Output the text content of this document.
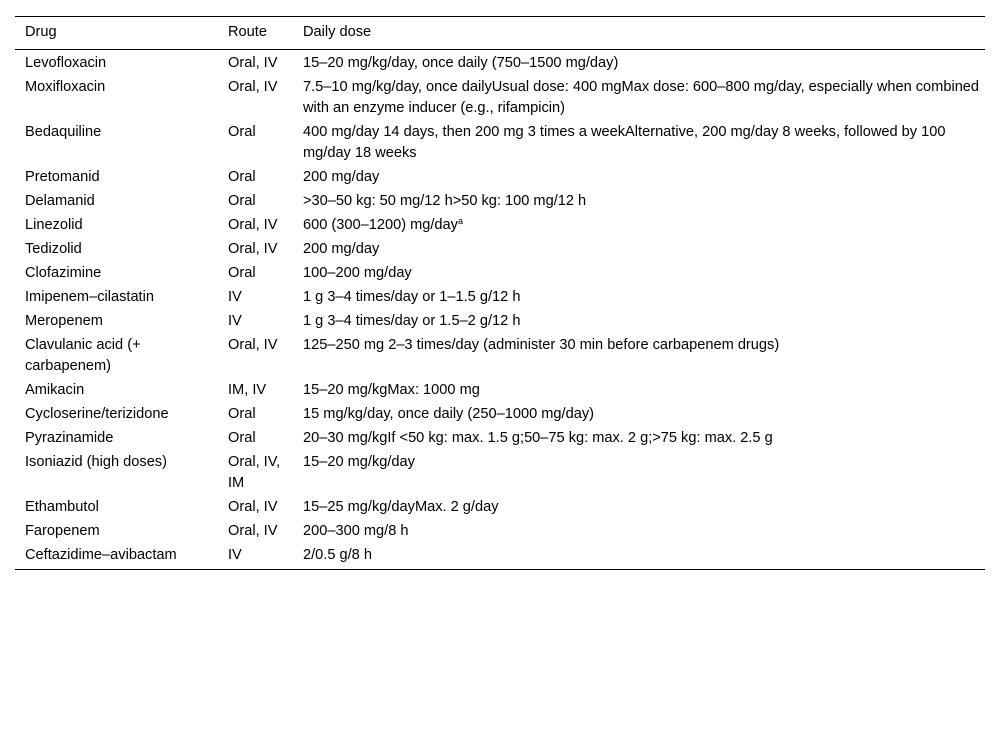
Drug	Route	Daily dose
Levofloxacin	Oral, IV	15–20 mg/kg/day, once daily (750–1500 mg/day)
Moxifloxacin	Oral, IV	7.5–10 mg/kg/day, once dailyUsual dose: 400 mgMax dose: 600–800 mg/day, especially when combined with an enzyme inducer (e.g., rifampicin)
Bedaquiline	Oral	400 mg/day 14 days, then 200 mg 3 times a weekAlternative, 200 mg/day 8 weeks, followed by 100 mg/day 18 weeks
Pretomanid	Oral	200 mg/day
Delamanid	Oral	>30–50 kg: 50 mg/12 h>50 kg: 100 mg/12 h
Linezolid	Oral, IV	600 (300–1200) mg/day$^a$
Tedizolid	Oral, IV	200 mg/day
Clofazimine	Oral	100–200 mg/day
Imipenem–cilastatin	IV	1 g 3–4 times/day or 1–1.5 g/12 h
Meropenem	IV	1 g 3–4 times/day or 1.5–2 g/12 h
Clavulanic acid (+ carbapenem)	Oral, IV	125–250 mg 2–3 times/day (administer 30 min before carbapenem drugs)
Amikacin	IM, IV	15–20 mg/kgMax: 1000 mg
Cycloserine/terizidone	Oral	15 mg/kg/day, once daily (250–1000 mg/day)
Pyrazinamide	Oral	20–30 mg/kgIf <50 kg: max. 1.5 g;50–75 kg: max. 2 g;>75 kg: max. 2.5 g
Isoniazid (high doses)	Oral, IV, IM	15–20 mg/kg/day
Ethambutol	Oral, IV	15–25 mg/kg/dayMax. 2 g/day
Faropenem	Oral, IV	200–300 mg/8 h
Ceftazidime–avibactam	IV	2/0.5 g/8 h
